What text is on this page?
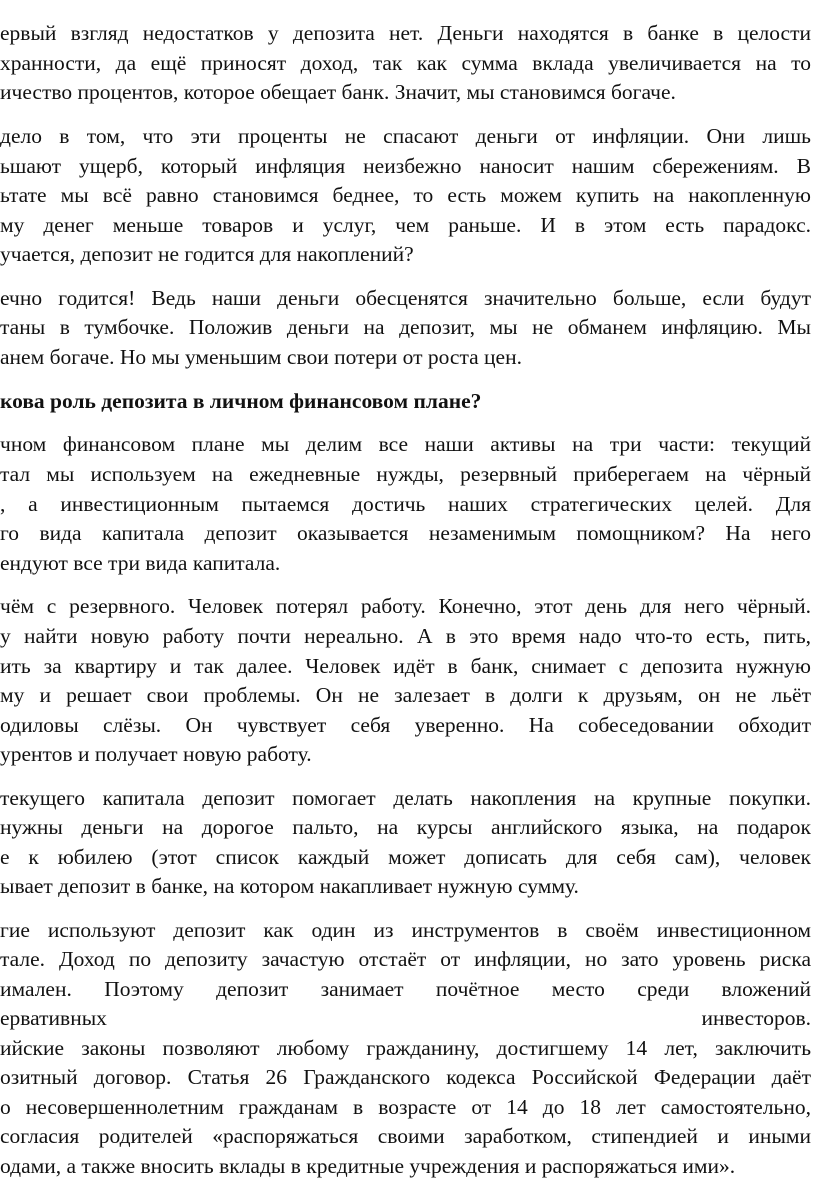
ервый взгляд недостатков у депозита нет. Деньги находятся в банке в целости
хранности, да ещё приносят доход, так как сумма вклада увеличивается на то
ичество процентов, которое обещает банк. Значит, мы становимся богаче.
дело в том, что эти проценты не спасают деньги от инфляции. Они лишь
ьшают ущерб, который инфляция неизбежно наносит нашим сбережениям. В
ьтате мы всё равно становимся беднее, то есть можем купить на накопленную
му денег меньше товаров и услуг, чем раньше. И в этом есть парадокс.
учается, депозит не годится для накоплений?
ечно годится! Ведь наши деньги обесценятся значительно больше, если будут
таны в тумбочке. Положив деньги на депозит, мы не обманем инфляцию. Мы
анем богаче. Но мы уменьшим свои потери от роста цен.
кова роль депозита в личном финансовом плане?
чном финансовом плане мы делим все наши активы на три части: текущий
тал мы используем на ежедневные нужды, резервный приберегаем на чёрный
, а инвестиционным пытаемся достичь наших стратегических целей. Для
го вида капитала депозит оказывается незаменимым помощником? На него
ендуют все три вида капитала.
чём с резервного. Человек потерял работу. Конечно, этот день для него чёрный.
у найти новую работу почти нереально. А в это время надо что-то есть, пить,
ить за квартиру и так далее. Человек идёт в банк, снимает с депозита нужную
му и решает свои проблемы. Он не залезает в долги к друзьям, он не льёт
одиловы слёзы. Он чувствует себя уверенно. На собеседовании обходит
урентов и получает новую работу.
текущего капитала депозит помогает делать накопления на крупные покупки.
нужны деньги на дорогое пальто, на курсы английского языка, на подарок
е к юбилею (этот список каждый может дописать для себя сам), человек
ывает депозит в банке, на котором накапливает нужную сумму.
гие используют депозит как один из инструментов в своём инвестиционном
тале. Доход по депозиту зачастую отстаёт от инфляции, но зато уровень риска
имален. Поэтому депозит занимает почётное место среди вложений
ервативных инвесторов.
ийские законы позволяют любому гражданину, достигшему 14 лет, заключить
озитный договор. Статья 26 Гражданского кодекса Российской Федерации даёт
о несовершеннолетним гражданам в возрасте от 14 до 18 лет самостоятельно,
согласия родителей «распоряжаться своими заработком, стипендией и иными
одами, а также вносить вклады в кредитные учреждения и распоряжаться ими».
